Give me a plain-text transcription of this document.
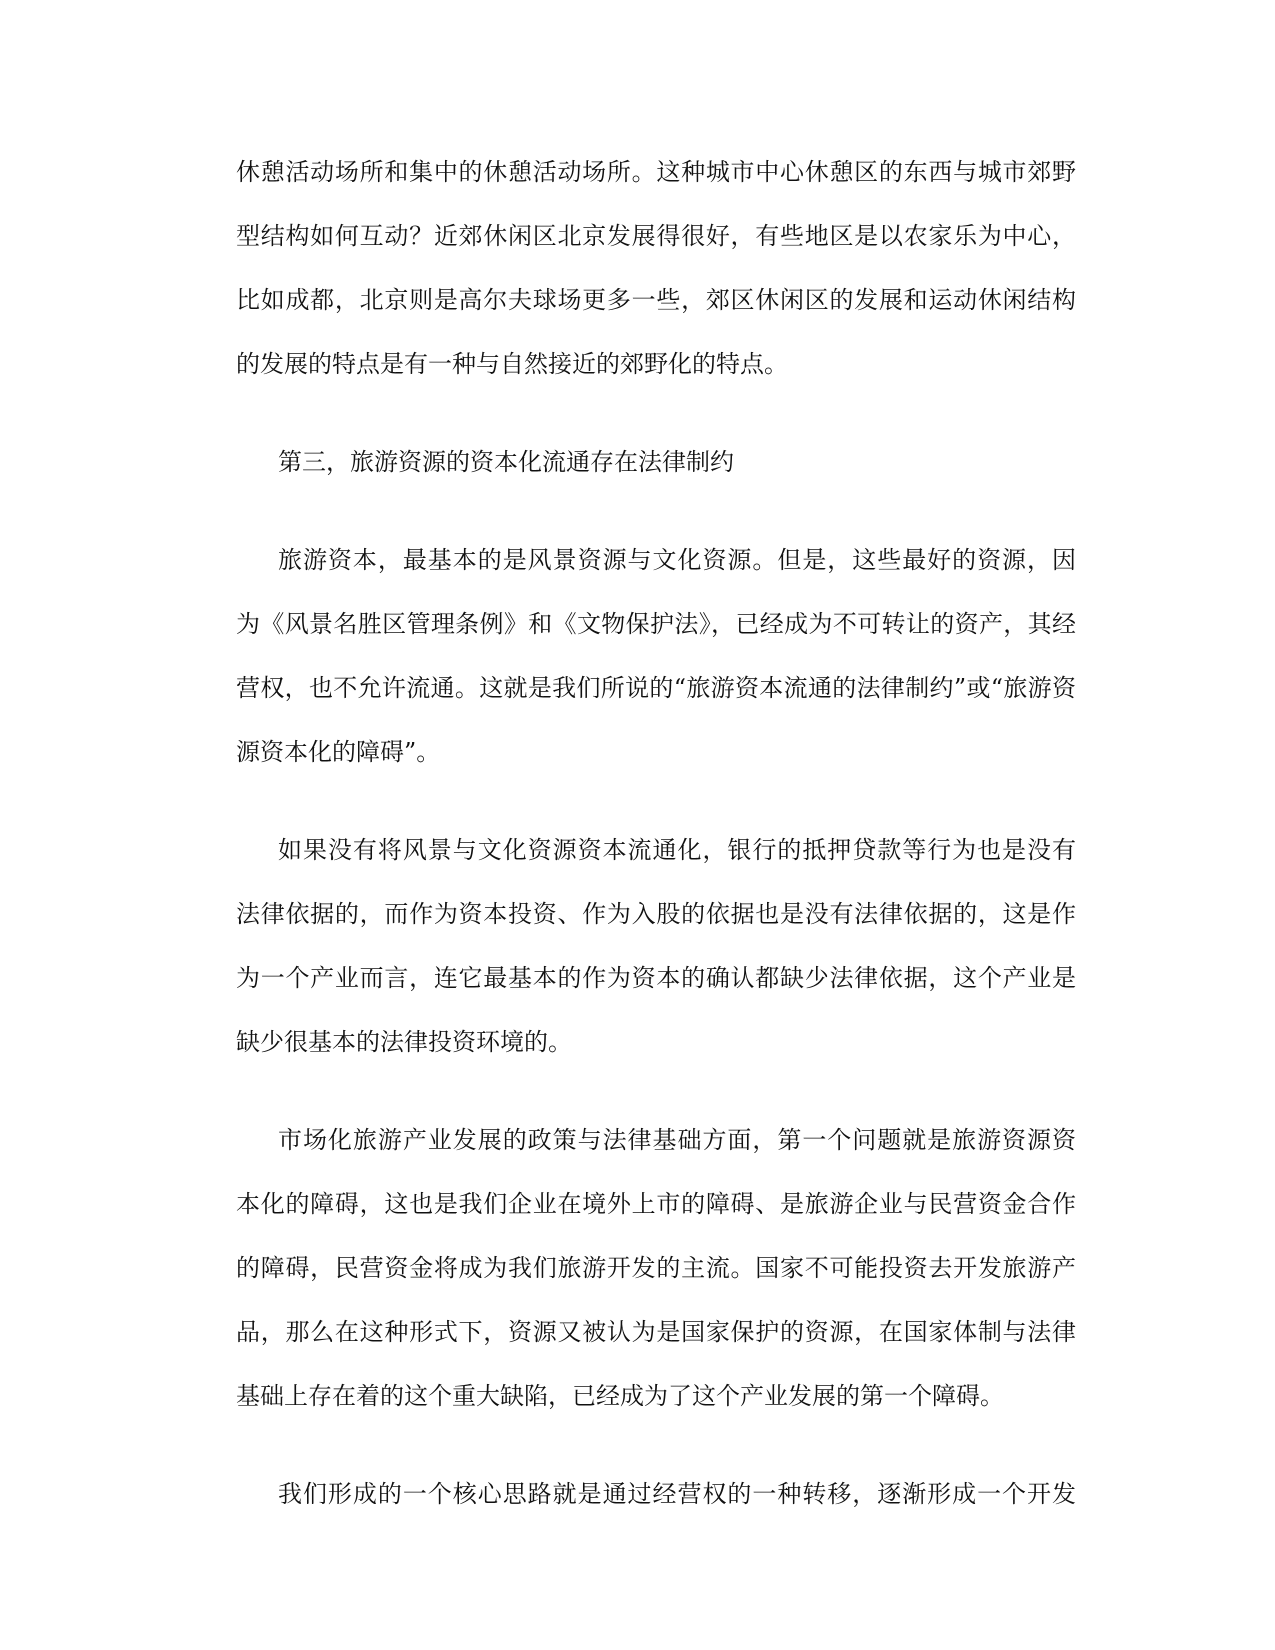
休憩活动场所和集中的休憩活动场所。这种城市中心休憩区的东西与城市郊野
型结构如何互动？近郊休闲区北京发展得很好，有些地区是以农家乐为中心，
比如成都，北京则是高尔夫球场更多一些，郊区休闲区的发展和运动休闲结构
的发展的特点是有一种与自然接近的郊野化的特点。

第三，旅游资源的资本化流通存在法律制约

旅游资本，最基本的是风景资源与文化资源。但是，这些最好的资源，因
为《风景名胜区管理条例》和《文物保护法》，已经成为不可转让的资产，其经
营权，也不允许流通。这就是我们所说的“旅游资本流通的法律制约”或“旅游资
源资本化的障碍”。

如果没有将风景与文化资源资本流通化，银行的抵押贷款等行为也是没有
法律依据的，而作为资本投资、作为入股的依据也是没有法律依据的，这是作
为一个产业而言，连它最基本的作为资本的确认都缺少法律依据，这个产业是
缺少很基本的法律投资环境的。

市场化旅游产业发展的政策与法律基础方面，第一个问题就是旅游资源资
本化的障碍，这也是我们企业在境外上市的障碍、是旅游企业与民营资金合作
的障碍，民营资金将成为我们旅游开发的主流。国家不可能投资去开发旅游产
品，那么在这种形式下，资源又被认为是国家保护的资源，在国家体制与法律
基础上存在着的这个重大缺陷，已经成为了这个产业发展的第一个障碍。

我们形成的一个核心思路就是通过经营权的一种转移，逐渐形成一个开发
